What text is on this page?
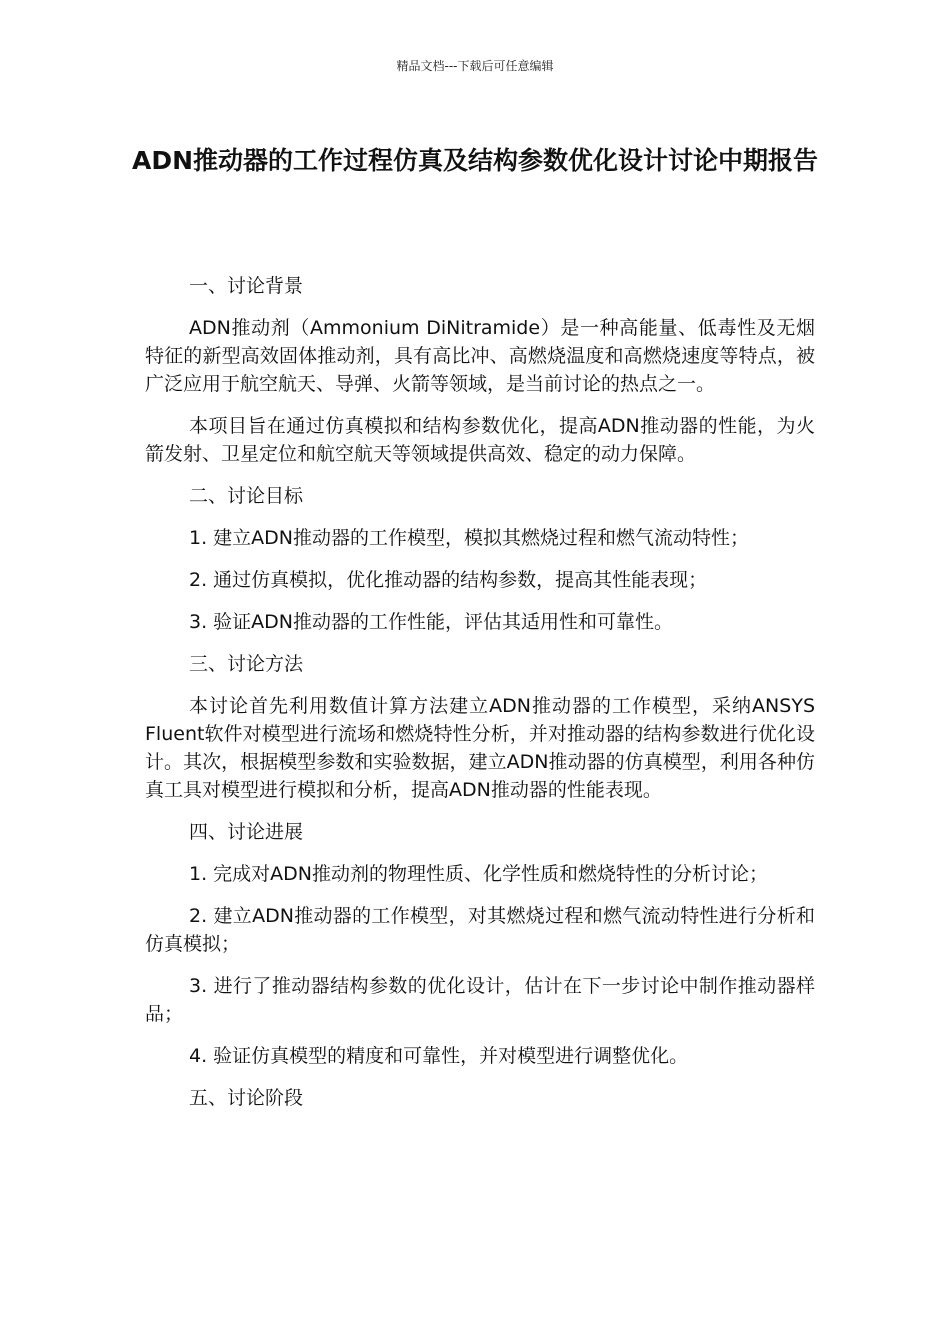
精品文档---下载后可任意编辑
ADN推动器的工作过程仿真及结构参数优化设计讨论中期报告

一、讨论背景

ADN推动剂（Ammonium DiNitramide）是一种高能量、低毒性及无烟特征的新型高效固体推动剂，具有高比冲、高燃烧温度和高燃烧速度等特点，被广泛应用于航空航天、导弹、火箭等领域，是当前讨论的热点之一。

本项目旨在通过仿真模拟和结构参数优化，提高ADN推动器的性能，为火箭发射、卫星定位和航空航天等领域提供高效、稳定的动力保障。

二、讨论目标

1. 建立ADN推动器的工作模型，模拟其燃烧过程和燃气流动特性；

2. 通过仿真模拟，优化推动器的结构参数，提高其性能表现；

3. 验证ADN推动器的工作性能，评估其适用性和可靠性。

三、讨论方法

本讨论首先利用数值计算方法建立ADN推动器的工作模型，采纳ANSYS Fluent软件对模型进行流场和燃烧特性分析，并对推动器的结构参数进行优化设计。其次，根据模型参数和实验数据，建立ADN推动器的仿真模型，利用各种仿真工具对模型进行模拟和分析，提高ADN推动器的性能表现。

四、讨论进展

1. 完成对ADN推动剂的物理性质、化学性质和燃烧特性的分析讨论；

2. 建立ADN推动器的工作模型，对其燃烧过程和燃气流动特性进行分析和仿真模拟；

3. 进行了推动器结构参数的优化设计，估计在下一步讨论中制作推动器样品；

4. 验证仿真模型的精度和可靠性，并对模型进行调整优化。

五、讨论阶段
